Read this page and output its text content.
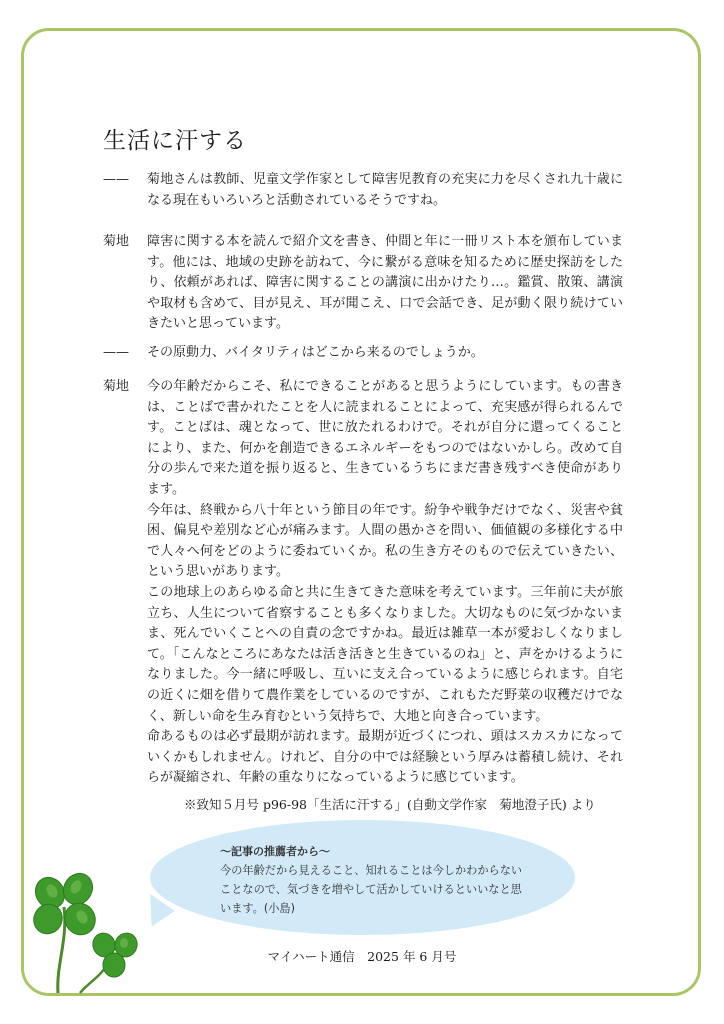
生活に汗する
——	菊地さんは教師、児童文学作家として障害児教育の充実に力を尽くされ九十歳になる現在もいろいろと活動されているそうですね。

菊地	障害に関する本を読んで紹介文を書き、仲間と年に一冊リスト本を頒布しています。他には、地域の史跡を訪ねて、今に繋がる意味を知るために歴史探訪をしたり、依頼があれば、障害に関することの講演に出かけたり…。鑑賞、散策、講演や取材も含めて、目が見え、耳が聞こえ、口で会話でき、足が動く限り続けていきたいと思っています。

——	その原動力、バイタリティはどこから来るのでしょうか。

菊地	今の年齢だからこそ、私にできることがあると思うようにしています。もの書きは、ことばで書かれたことを人に読まれることによって、充実感が得られるんです。ことばは、魂となって、世に放たれるわけで。それが自分に還ってくることにより、また、何かを創造できるエネルギーをもつのではないかしら。改めて自分の歩んで来た道を振り返ると、生きているうちにまだ書き残すべき使命があります。

今年は、終戦から八十年という節目の年です。紛争や戦争だけでなく、災害や貧困、偏見や差別など心が痛みます。人間の愚かさを問い、価値観の多様化する中で人々へ何をどのように委ねていくか。私の生き方そのもので伝えていきたい、という思いがあります。

この地球上のあらゆる命と共に生きてきた意味を考えています。三年前に夫が旅立ち、人生について省察することも多くなりました。大切なものに気づかないまま、死んでいくことへの自責の念ですかね。最近は雑草一本が愛おしくなりまして。「こんなところにあなたは活き活きと生きているのね」と、声をかけるようになりました。今一緒に呼吸し、互いに支え合っているように感じられます。自宅の近くに畑を借りて農作業をしているのですが、これもただ野菜の収穫だけでなく、新しい命を生み育むという気持ちで、大地と向き合っています。

命あるものは必ず最期が訪れます。最期が近づくにつれ、頭はスカスカになっていくかもしれません。けれど、自分の中では経験という厚みは蓄積し続け、それらが凝縮され、年齢の重なりになっているように感じています。

※致知５月号 p96-98「生活に汗する」(自動文学作家　菊地澄子氏) より
～記事の推薦者から～
今の年齢だから見えること、知れることは今しかわからないことなので、気づきを増やして活かしていけるといいなと思います。(小島)
マイハート通信　2025 年 6 月号
